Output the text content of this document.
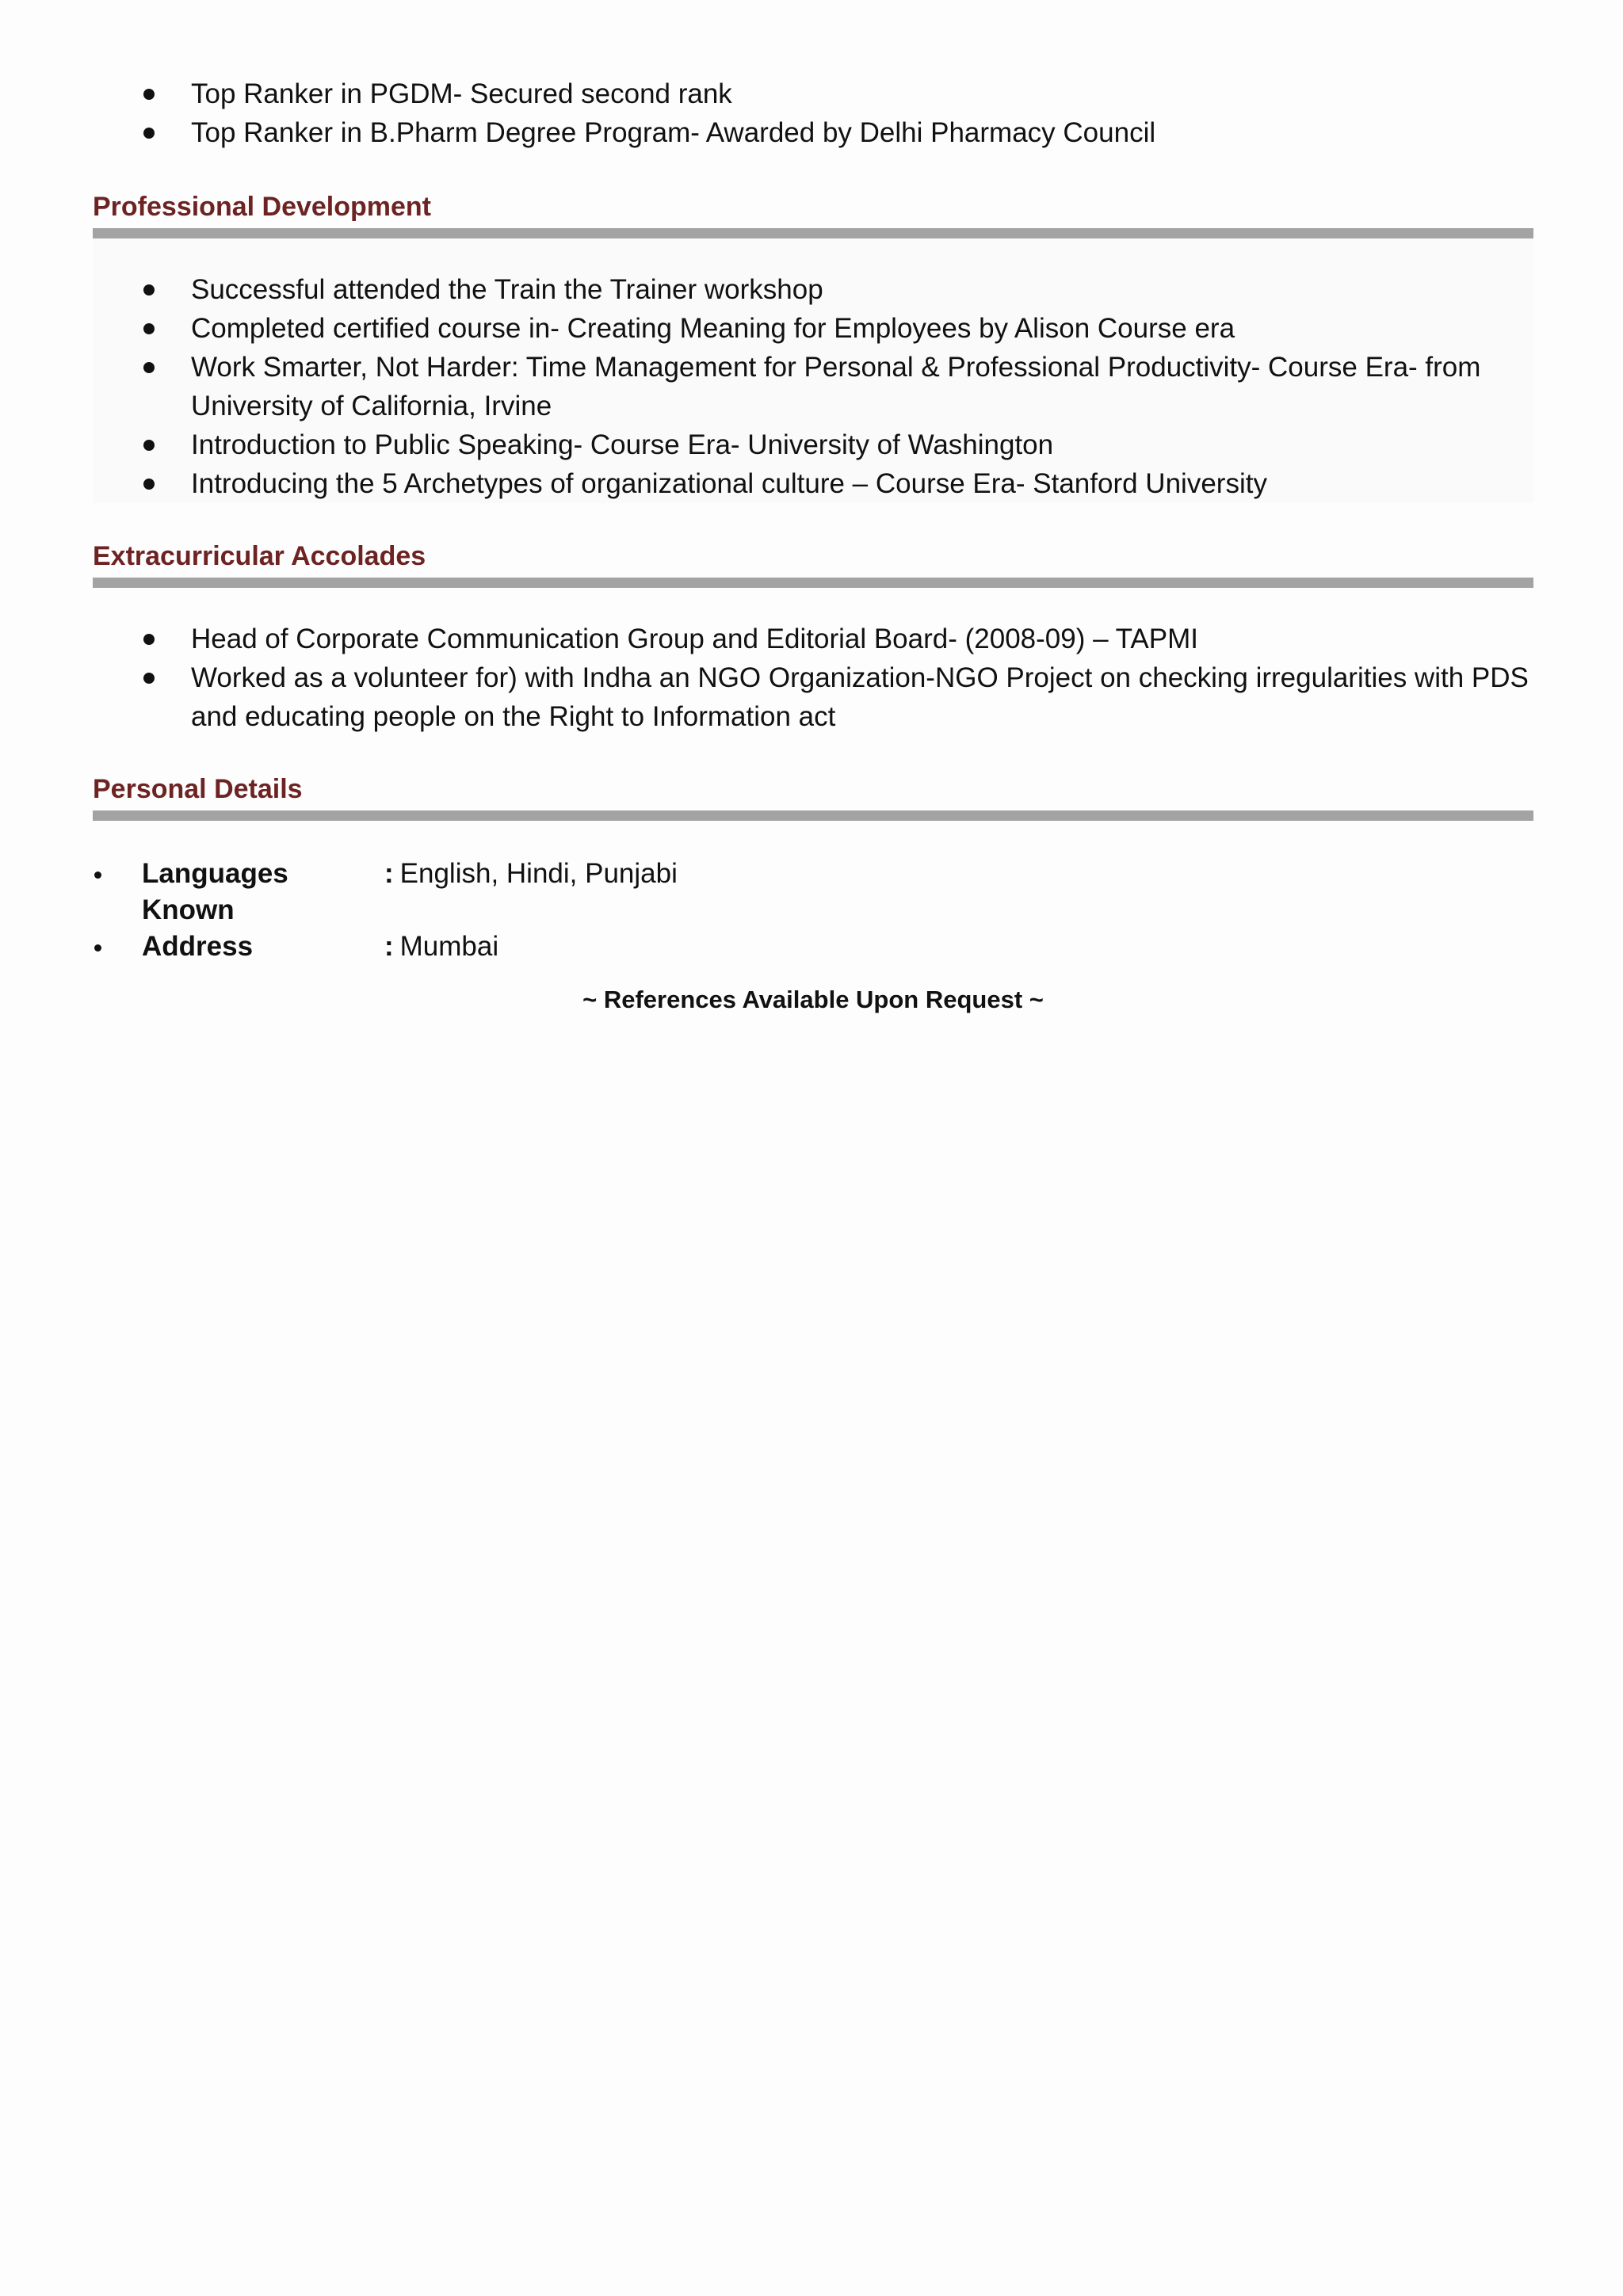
Top Ranker in PGDM- Secured second rank
Top Ranker in B.Pharm Degree Program- Awarded by Delhi Pharmacy Council
Professional Development
Successful attended the Train the Trainer workshop
Completed certified course in- Creating Meaning for Employees by Alison Course era
Work Smarter, Not Harder: Time Management for Personal & Professional Productivity- Course Era- from University of California, Irvine
Introduction to Public Speaking- Course Era- University of Washington
Introducing the 5 Archetypes of organizational culture – Course Era- Stanford University
Extracurricular Accolades
Head of Corporate Communication Group and Editorial Board- (2008-09) – TAPMI
Worked as a volunteer for) with Indha an NGO Organization-NGO Project on checking irregularities with PDS and educating people on the Right to Information act
Personal Details
Languages Known
: English, Hindi, Punjabi
Address	: Mumbai
~ References Available Upon Request ~
